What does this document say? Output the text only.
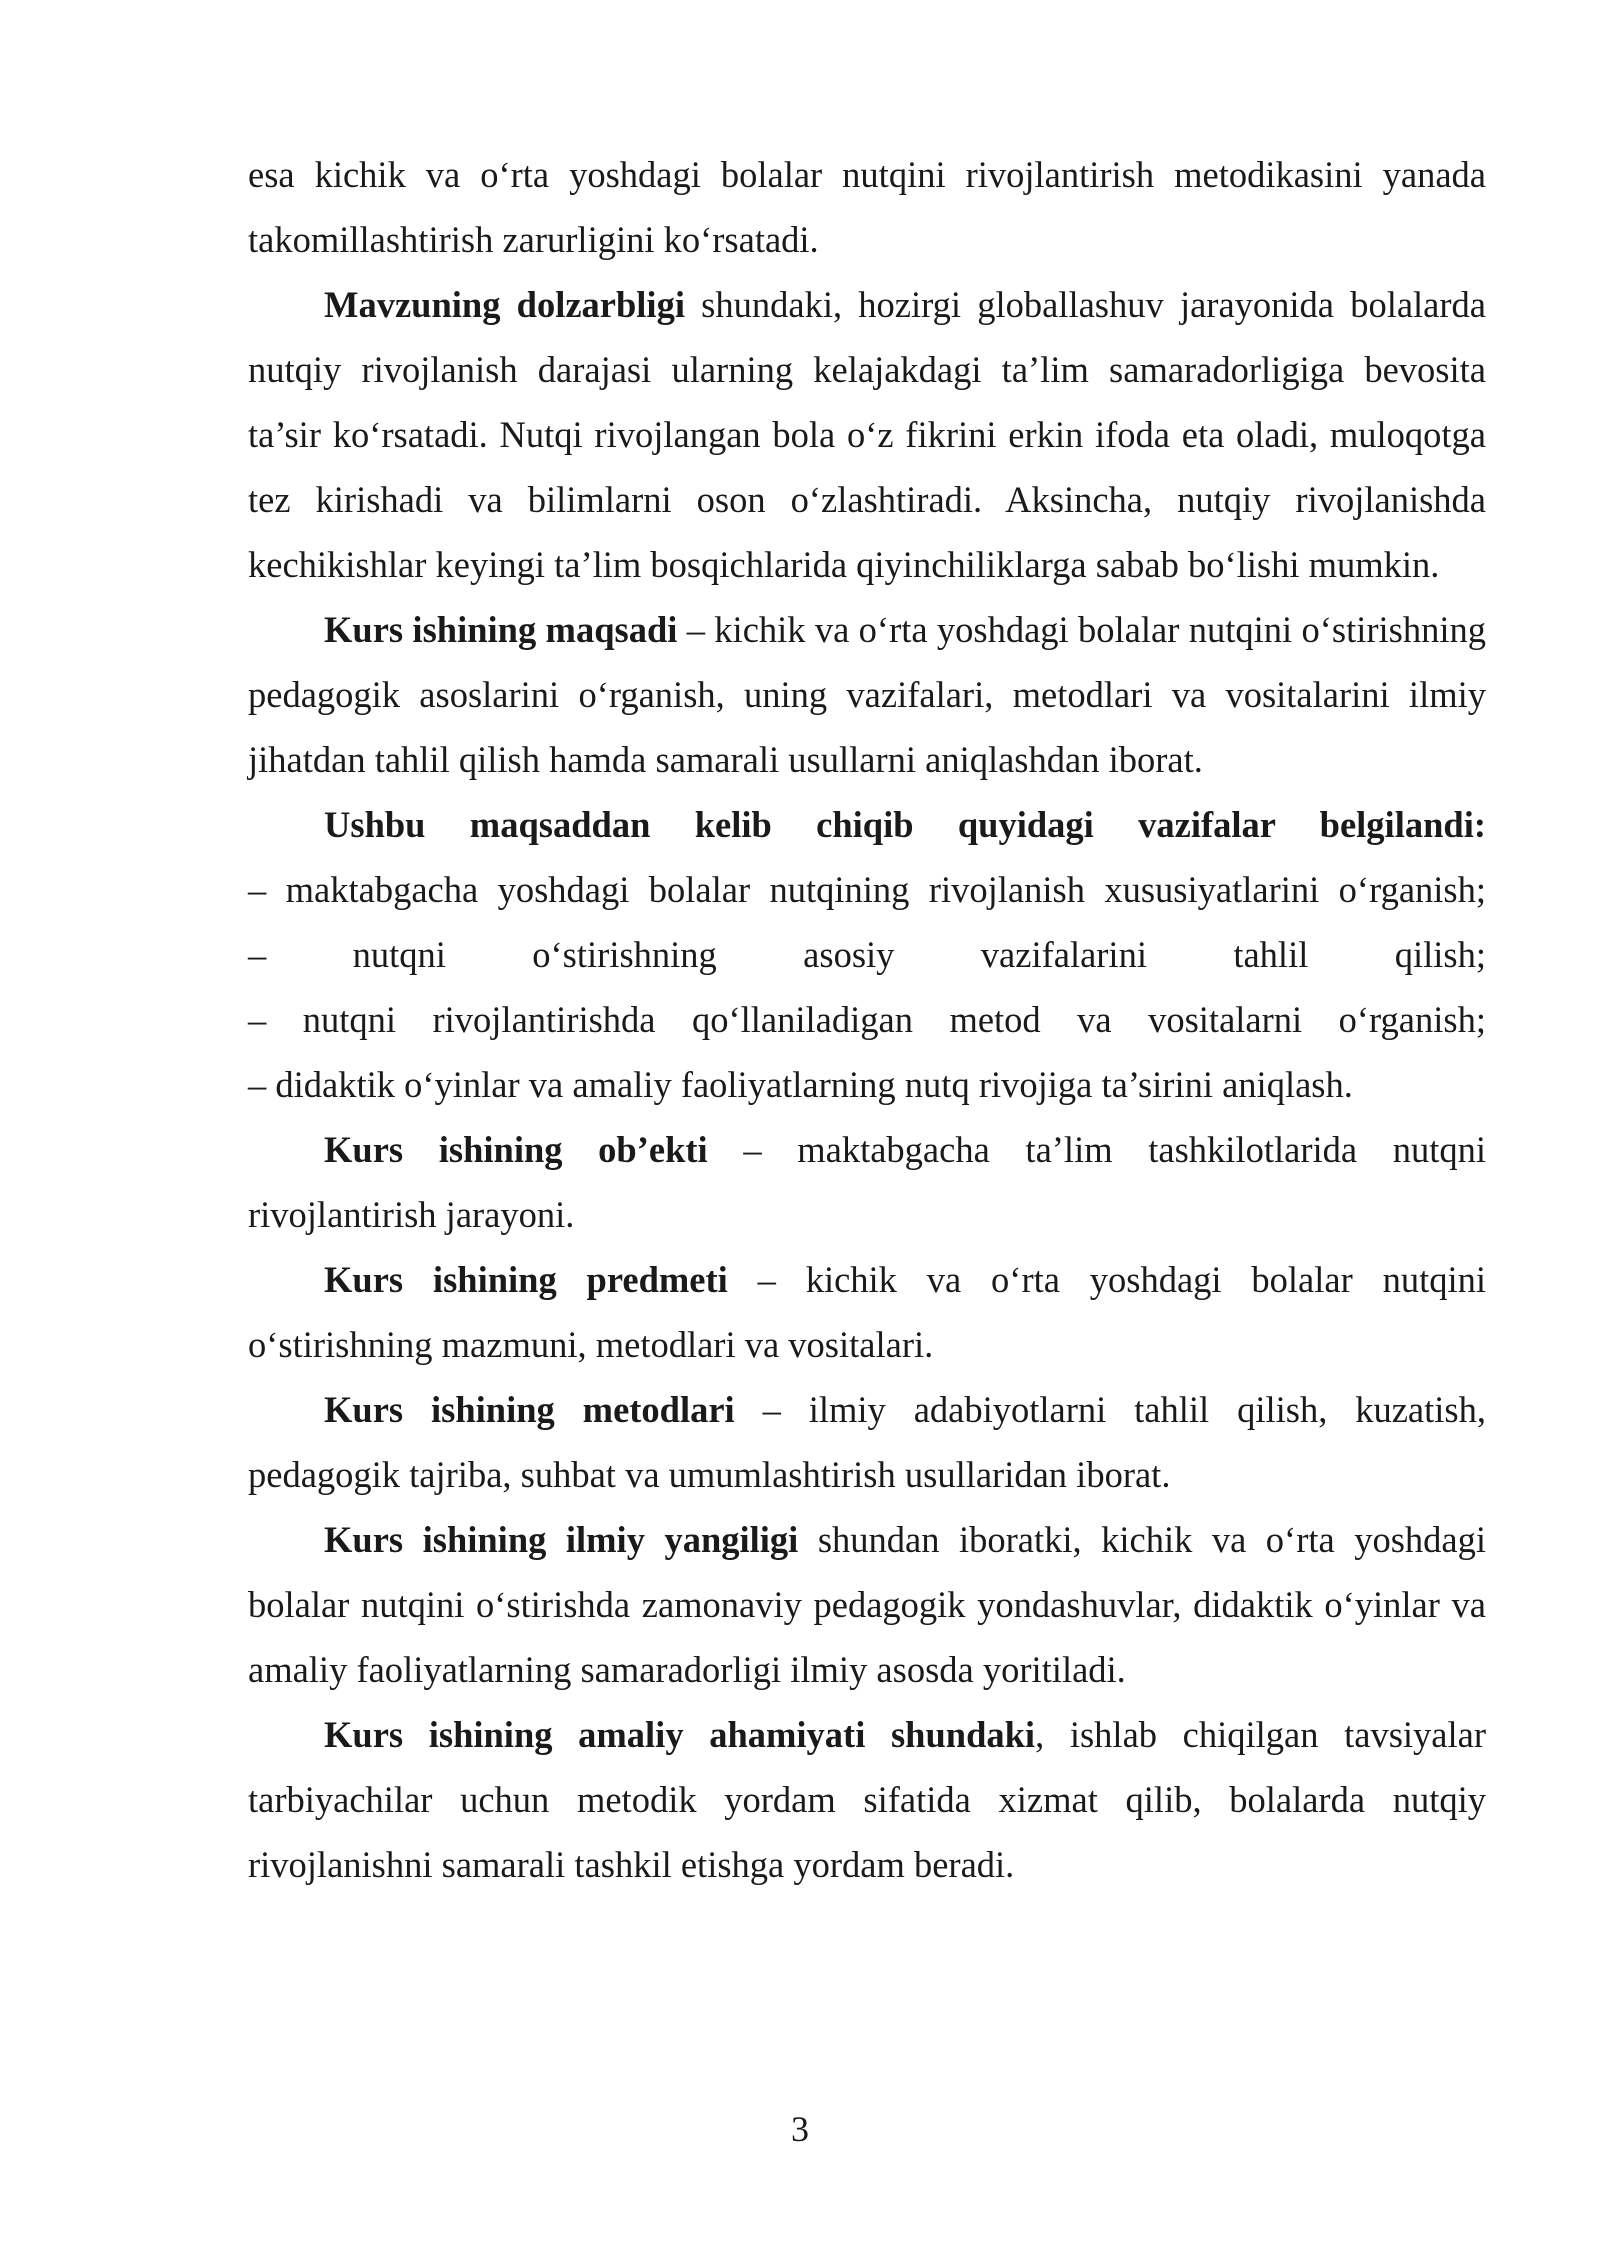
esa kichik va o‘rta yoshdagi bolalar nutqini rivojlantirish metodikasini yanada takomillashtirish zarurligini ko‘rsatadi.

Mavzuning dolzarbligi shundaki, hozirgi globallashuv jarayonida bolalarda nutqiy rivojlanish darajasi ularning kelajakdagi ta’lim samaradorligiga bevosita ta’sir ko‘rsatadi. Nutqi rivojlangan bola o‘z fikrini erkin ifoda eta oladi, muloqotga tez kirishadi va bilimlarni oson o‘zlashtiradi. Aksincha, nutqiy rivojlanishda kechikishlar keyingi ta’lim bosqichlarida qiyinchiliklarga sabab bo‘lishi mumkin.

Kurs ishining maqsadi – kichik va o‘rta yoshdagi bolalar nutqini o‘stirishning pedagogik asoslarini o‘rganish, uning vazifalari, metodlari va vositalarini ilmiy jihatdan tahlil qilish hamda samarali usullarni aniqlashdan iborat.

Ushbu maqsaddan kelib chiqib quyidagi vazifalar belgilandi:

– maktabgacha yoshdagi bolalar nutqining rivojlanish xususiyatlarini o‘rganish;

– nutqni o‘stirishning asosiy vazifalarini tahlil qilish;

– nutqni rivojlantirishda qo‘llaniladigan metod va vositalarni o‘rganish;

– didaktik o‘yinlar va amaliy faoliyatlarning nutq rivojiga ta’sirini aniqlash.

Kurs ishining ob’ekti – maktabgacha ta’lim tashkilotlarida nutqni rivojlantirish jarayoni.

Kurs ishining predmeti – kichik va o‘rta yoshdagi bolalar nutqini o‘stirishning mazmuni, metodlari va vositalari.

Kurs ishining metodlari – ilmiy adabiyotlarni tahlil qilish, kuzatish, pedagogik tajriba, suhbat va umumlashtirish usullaridan iborat.

Kurs ishining ilmiy yangiligi shundan iboratki, kichik va o‘rta yoshdagi bolalar nutqini o‘stirishda zamonaviy pedagogik yondashuvlar, didaktik o‘yinlar va amaliy faoliyatlarning samaradorligi ilmiy asosda yoritiladi.

Kurs ishining amaliy ahamiyati shundaki, ishlab chiqilgan tavsiyalar tarbiyachilar uchun metodik yordam sifatida xizmat qilib, bolalarda nutqiy rivojlanishni samarali tashkil etishga yordam beradi.

3
